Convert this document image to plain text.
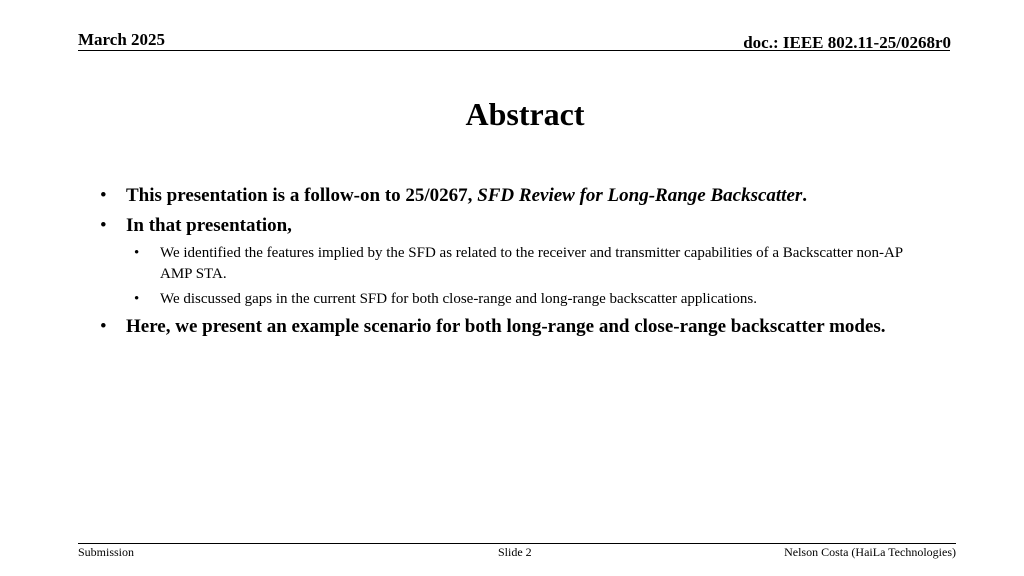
March 2025	doc.: IEEE 802.11-25/0268r0
Abstract
• This presentation is a follow-on to 25/0267, SFD Review for Long-Range Backscatter.
• In that presentation,
• We identified the features implied by the SFD as related to the receiver and transmitter capabilities of a Backscatter non-AP AMP STA.
• We discussed gaps in the current SFD for both close-range and long-range backscatter applications.
• Here, we present an example scenario for both long-range and close-range backscatter modes.
Submission	Slide 2	Nelson Costa (HaiLa Technologies)
